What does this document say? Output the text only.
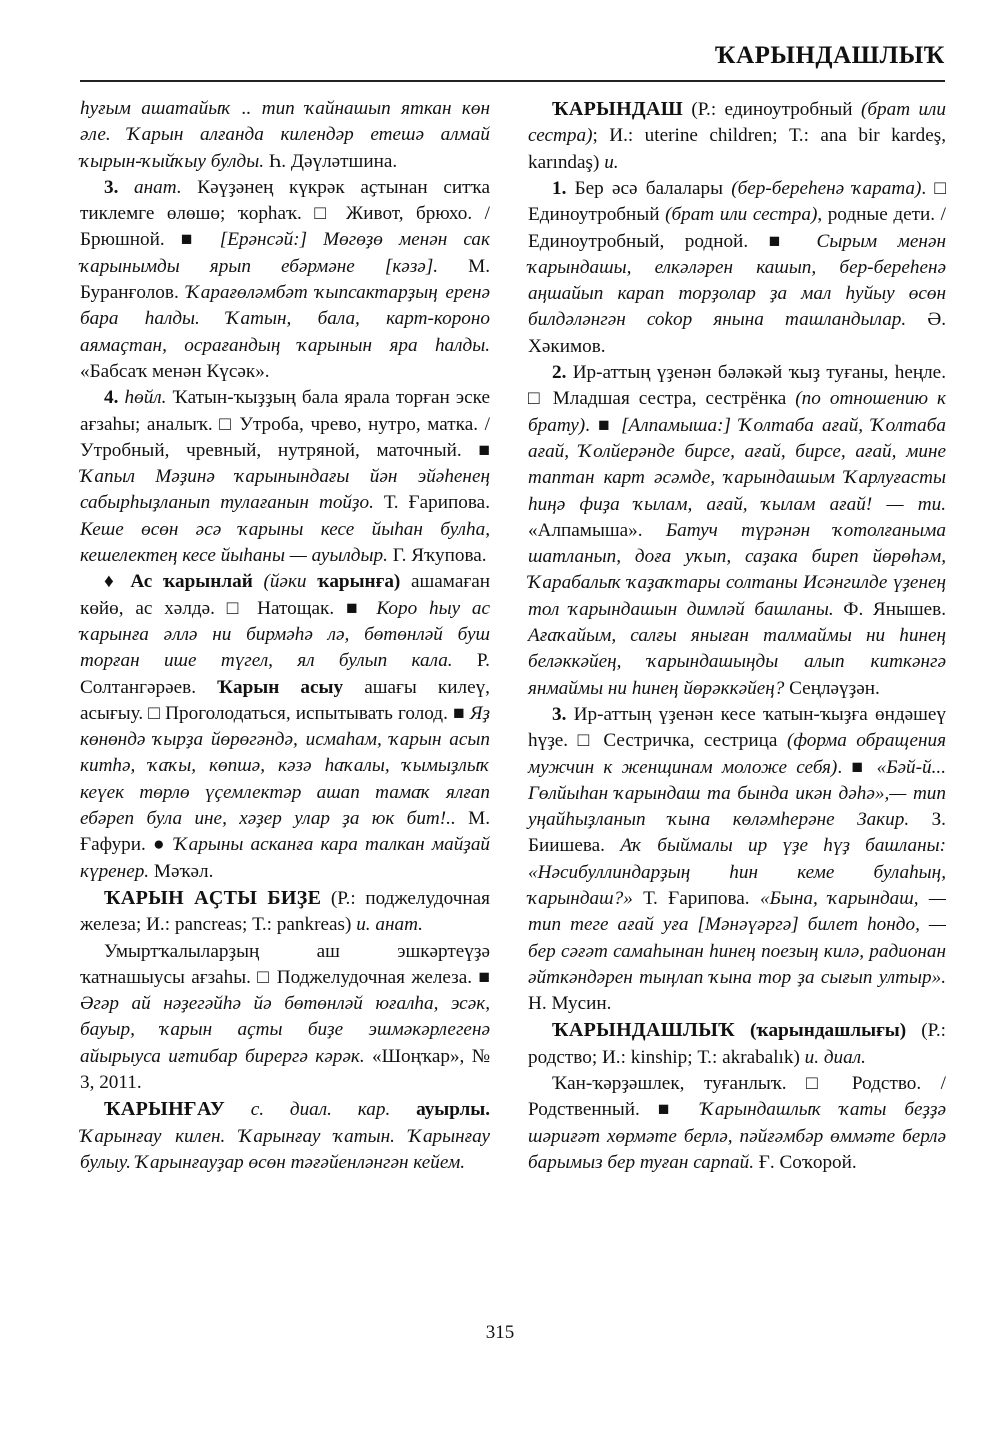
ҠАРЫНДАШЛЫҠ

hуғым ашатайыҡ .. тип ҡайнашып яткан көн әле. Ҡарын алғанда килендәр етешә алмай ҡырын-ҡыйҡыу булды. Һ. Дәүләтшина.

3. анат. Кәүҙәнең күкрәк аҫтынан ситҡа тиклемге өлөшө; ҡорһаҡ. □ Живот, брюхо. / Брюшной. ■ [Ерәнсәй:] Мөгөҙө менән сак ҡарынымды ярып ебәрмәне [кәзә]. М. Буранғолов. Ҡарағөләмбәт ҡыпсактарҙың еренә бара һалды. Ҡатын, бала, карт-короно аямаҫтан, осрағандың ҡарынын яра һалды. «Бабсаҡ менән Күсәк».

4. һөйл. Ҡатын-ҡыҙҙың бала ярала торған эске ағзаһы; аналыҡ. □ Утроба, чрево, нутро, матка. / Утробный, чревный, нутряной, маточный. ■ Ҡапыл Мәҙинә ҡарынындағы йән эйәһенең сабырһыҙланып тулағанын тойҙо. Т. Ғарипова. Кеше өсөн әсә ҡарыны кесе йыһан булһа, кешелектең кесе йыһаны — ауылдыр. Г. Яҡупова.

♦ Ас ҡарынлай (йәки ҡарынға) ашамаған көйө, ас хәлдә. □ Натощак. ■ Коро һыу ас ҡарынға әллә ни бирмәһә лә, бөтөнләй буш торған ише түгел, ял булып кала. Р. Солтангәрәев. Ҡарын асыу ашағы килеү, асығыу. □ Проголодаться, испытывать голод. ■ Яҙ көнөндә ҡырҙа йөрөгәндә, исмаһам, ҡарын асып китһә, ҡаҡы, көпшә, кәзә һаҡалы, ҡымыҙлыҡ кеүек төрлө үҫемлектәр ашап тамаҡ ялғап ебәреп була ине, хәҙер улар ҙа юк бит!.. М. Ғафури. ● Ҡарыны асканға кара талкан майҙай күренер. Мәҡәл.

ҠАРЫН АҪТЫ БИҘЕ (Р.: поджелудочная железа; И.: pancreas; Т.: pankreas) и. анат.

Умыртҡалыларҙың аш эшкәртеүҙә ҡатнашыусы ағзаһы. □ Поджелудочная железа. ■ Әгәр ай нәҙегәйһә йә бөтөнләй юғалһа, эсәк, бауыр, ҡарын аҫты биҙе эшмәкәрлегенә айырыуса иғтибар бирергә кәрәк. «Шоңҡар», № 3, 2011.

ҠАРЫНҒАУ с. диал. кар. ауырлы. Ҡарынғау килен. Ҡарынғау ҡатын. Ҡарынғау булыу. Ҡарынғауҙар өсөн тәғәйенләнгән кейем.

ҠАРЫНДАШ (Р.: единоутробный (брат или сестра); И.: uterine children; Т.: ana bir kardeş, karındaş) и.

1. Бер әсә балалары (бер-береһенә ҡарата). □ Единоутробный (брат или сестра), родные дети. / Единоутробный, родной. ■ Сырым менән ҡарындашы, елкәләрен кашып, бер-береһенә аңшайып карап торҙолар ҙа мал һуйыу өсөн билдәләнгән соkор янына ташландылар. Ә. Хәкимов.

2. Ир-аттың үҙенән бәләкәй ҡыҙ туғаны, һеңле. □ Младшая сестра, сестрёнка (по отношению к брату). ■ [Алпамыша:] Ҡолтаба ағай, Ҡолтаба ағай, Ҡолйерәнде бирсе, ағай, бирсе, ағай, мине таптан карт әсәмде, ҡарындашым Ҡарлуғасты һиңә фиҙа ҡылам, ағай, ҡылам ағай! — ти. «Алпамыша». Батуч түрәнән ҡотолғаныма шатланып, доға уҡып, саҙака биреп йөрөһәм, Ҡарабалыҡ ҡаҙаҡтары солтаны Исәнгилде үҙенең тол ҡарындашын димләй башланы. Ф. Янышев. Ағаҡайым, салғы яныған талмаймы ни һинең беләккәйең, ҡарындашыңды алып киткәнгә янмаймы ни һинең йөрәккәйең? Сеңләүҙән.

3. Ир-аттың үҙенән кесе ҡатын-ҡыҙға өндәшеү һүҙе. □ Сестричка, сестрица (форма обращения мужчин к женщинам моложе себя). ■ «Бәй-й... Гөлйыһан ҡарындаш та бында икән дәһә»,— тип уңайһыҙланып ҡына көләмһерәне Закир. З. Биишева. Аҡ быймалы ир үҙе һүҙ башланы: «Нәсибуллиндарҙың һин кеме булаһың, ҡарындаш?» Т. Ғарипова. «Бына, ҡарындаш, — тип теге ағай уға [Мәнәүәргә] билет һондо, — бер сәғәт самаһынан һинең поезың килә, радионан әйткәндәрен тыңлап ҡына тор ҙа сығып ултыр». Н. Мусин.

ҠАРЫНДАШЛЫҠ (ҡарындашлығы) (Р.: родство; И.: kinship; Т.: akrabalık) и. диал.

Ҡан-ҡәрҙәшлек, туғанлыҡ. □ Родство. / Родственный. ■ Ҡарындашлыҡ ҡаты беҙҙә шәриғәт хөрмәте берлә, пәйғәмбәр өммәте берлә барымыз бер туған сарпай. Ғ. Соҡорой.

315
